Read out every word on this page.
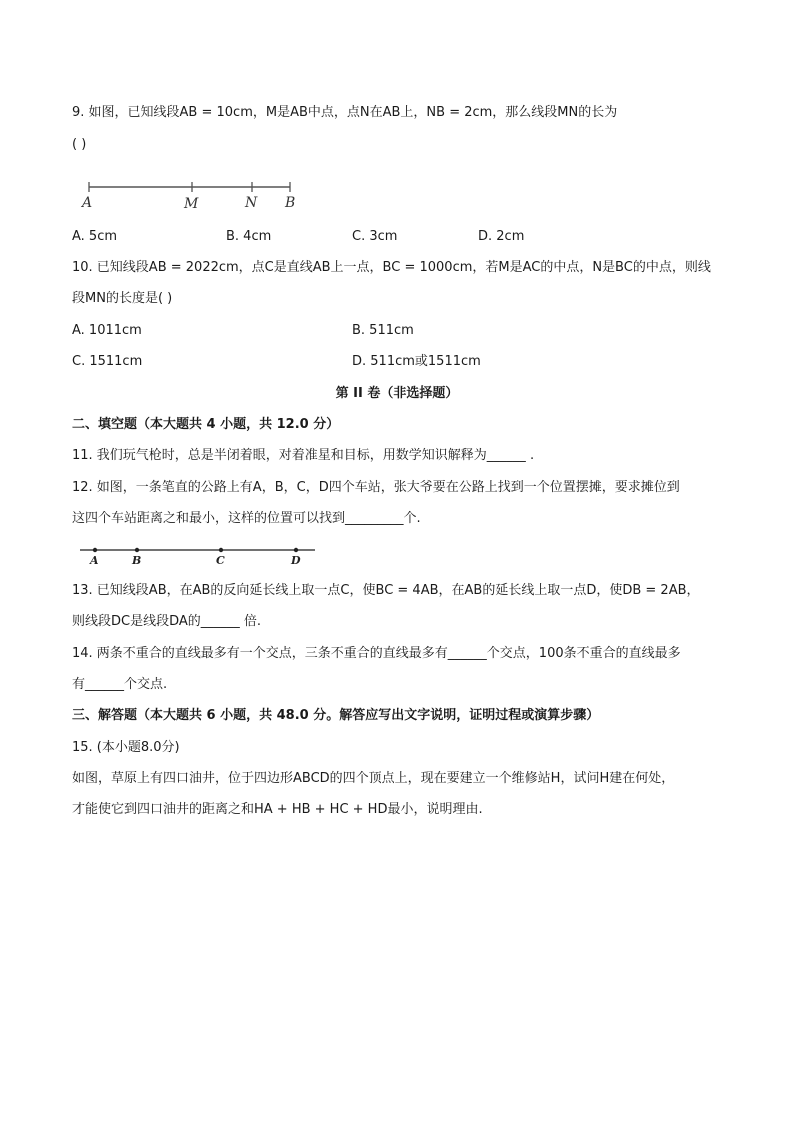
9. 如图，已知线段AB = 10cm，M是AB中点，点N在AB上，NB = 2cm，那么线段MN的长为
( )
A	M	N B
A. 5cm	B. 4cm	C. 3cm	D. 2cm
10. 已知线段AB = 2022cm，点C是直线AB上一点，BC = 1000cm，若M是AC的中点，N是BC的中点，则线
段MN的长度是( )
A. 1011cm	B. 511cm
C. 1511cm	D. 511cm或1511cm
第 II 卷（非选择题）
二、填空题（本大题共 4 小题，共 12.0 分）
11. 我们玩气枪时，总是半闭着眼，对着准星和目标，用数学知识解释为______ .
12. 如图，一条笔直的公路上有A，B，C，D四个车站，张大爷要在公路上找到一个位置摆摊，要求摊位到
这四个车站距离之和最小，这样的位置可以找到_________个.
A	B	C	D
13. 已知线段AB，在AB的反向延长线上取一点C，使BC = 4AB，在AB的延长线上取一点D，使DB = 2AB，
则线段DC是线段DA的______ 倍.
14. 两条不重合的直线最多有一个交点，三条不重合的直线最多有______个交点，100条不重合的直线最多
有______个交点.
三、解答题（本大题共 6 小题，共 48.0 分。解答应写出文字说明，证明过程或演算步骤）
15. (本小题8.0分)
如图，草原上有四口油井，位于四边形ABCD的四个顶点上，现在要建立一个维修站H，试问H建在何处，
才能使它到四口油井的距离之和HA + HB + HC + HD最小，说明理由.
